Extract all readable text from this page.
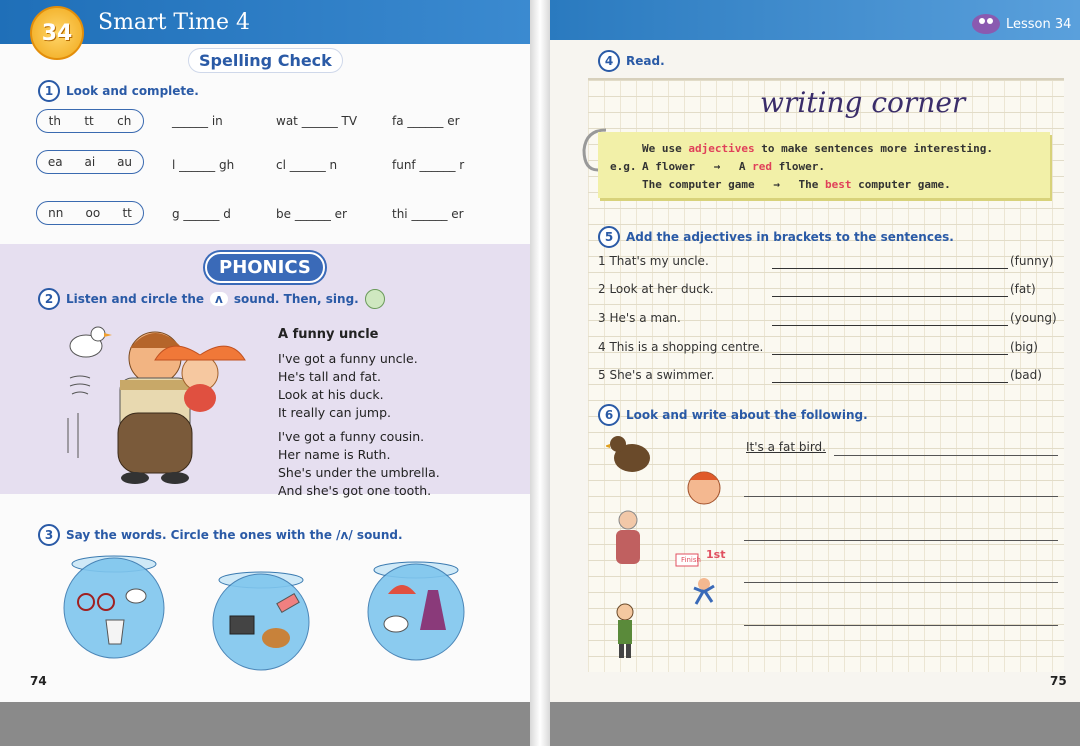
34	Smart Time 4
Spelling Check
1	Look and complete.
th tt ch
ea ai au
nn oo tt
______ in	wat ______ TV	fa ______ er
l ______ gh	cl ______ n	funf ______ r
g ______ d	be ______ er	thi ______ er
PHONICS
2	Listen and circle the ʌ sound. Then, sing.
A funny uncle
I've got a funny uncle.
He's tall and fat.
Look at his duck.
It really can jump.
I've got a funny cousin.
Her name is Ruth.
She's under the umbrella.
And she's got one tooth.
3	Say the words. Circle the ones with the /ʌ/ sound.
74
Lesson 34
4	Read.
writing corner
We use adjectives to make sentences more interesting.
e.g. A flower → A red flower.
The computer game → The best computer game.
5	Add the adjectives in brackets to the sentences.
1 That's my uncle.	(funny)
2 Look at her duck.	(fat)
3 He's a man.	(young)
4 This is a shopping centre.	(big)
5 She's a swimmer.	(bad)
6	Look and write about the following.
Finish 1st
It's a fat bird.
75
